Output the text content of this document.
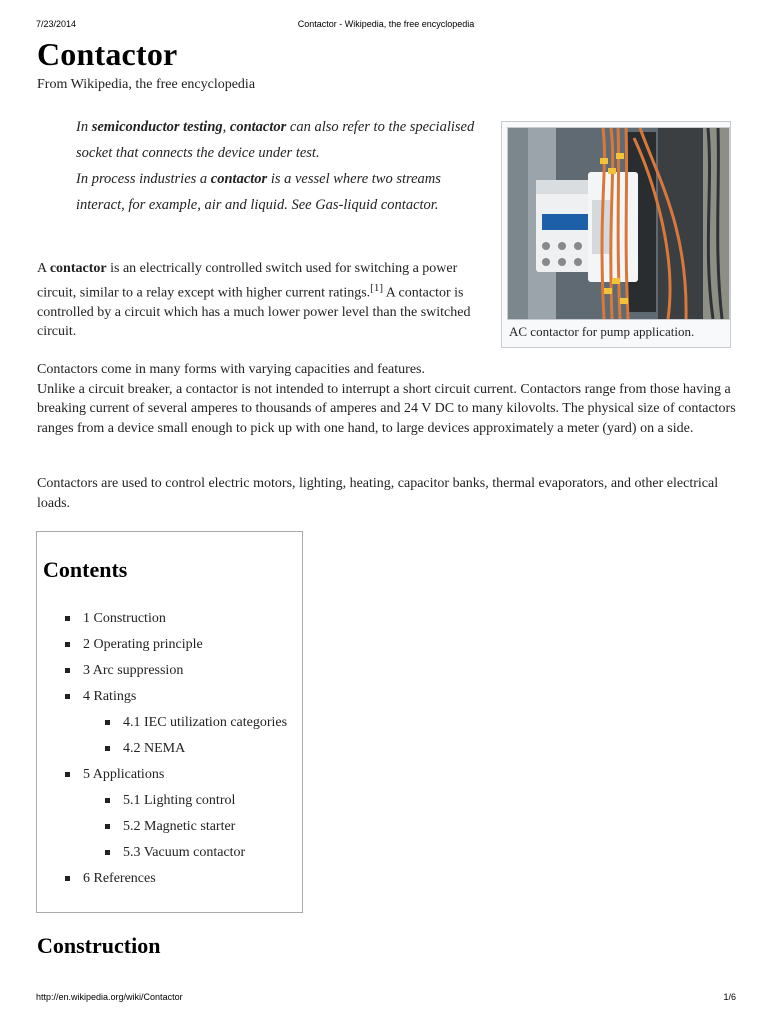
7/23/2014	Contactor - Wikipedia, the free encyclopedia
Contactor
From Wikipedia, the free encyclopedia

In semiconductor testing, contactor can also refer to the specialised socket that connects the device under test.

In process industries a contactor is a vessel where two streams interact, for example, air and liquid. See Gas-liquid contactor.

AC contactor for pump application.

A contactor is an electrically controlled switch used for switching a power circuit, similar to a relay except with higher current ratings.[1] A contactor is controlled by a circuit which has a much lower power level than the switched circuit.

Contactors come in many forms with varying capacities and features.

Unlike a circuit breaker, a contactor is not intended to interrupt a short circuit current. Contactors range from those having a breaking current of several amperes to thousands of amperes and 24 V DC to many kilovolts. The physical size of contactors ranges from a device small enough to pick up with one hand, to large devices approximately a meter (yard) on a side.

Contactors are used to control electric motors, lighting, heating, capacitor banks, thermal evaporators, and other electrical loads.

Contents
1 Construction
2 Operating principle
3 Arc suppression
4 Ratings
4.1 IEC utilization categories
4.2 NEMA
5 Applications
5.1 Lighting control
5.2 Magnetic starter
5.3 Vacuum contactor
6 References
Construction
http://en.wikipedia.org/wiki/Contactor	1/6
